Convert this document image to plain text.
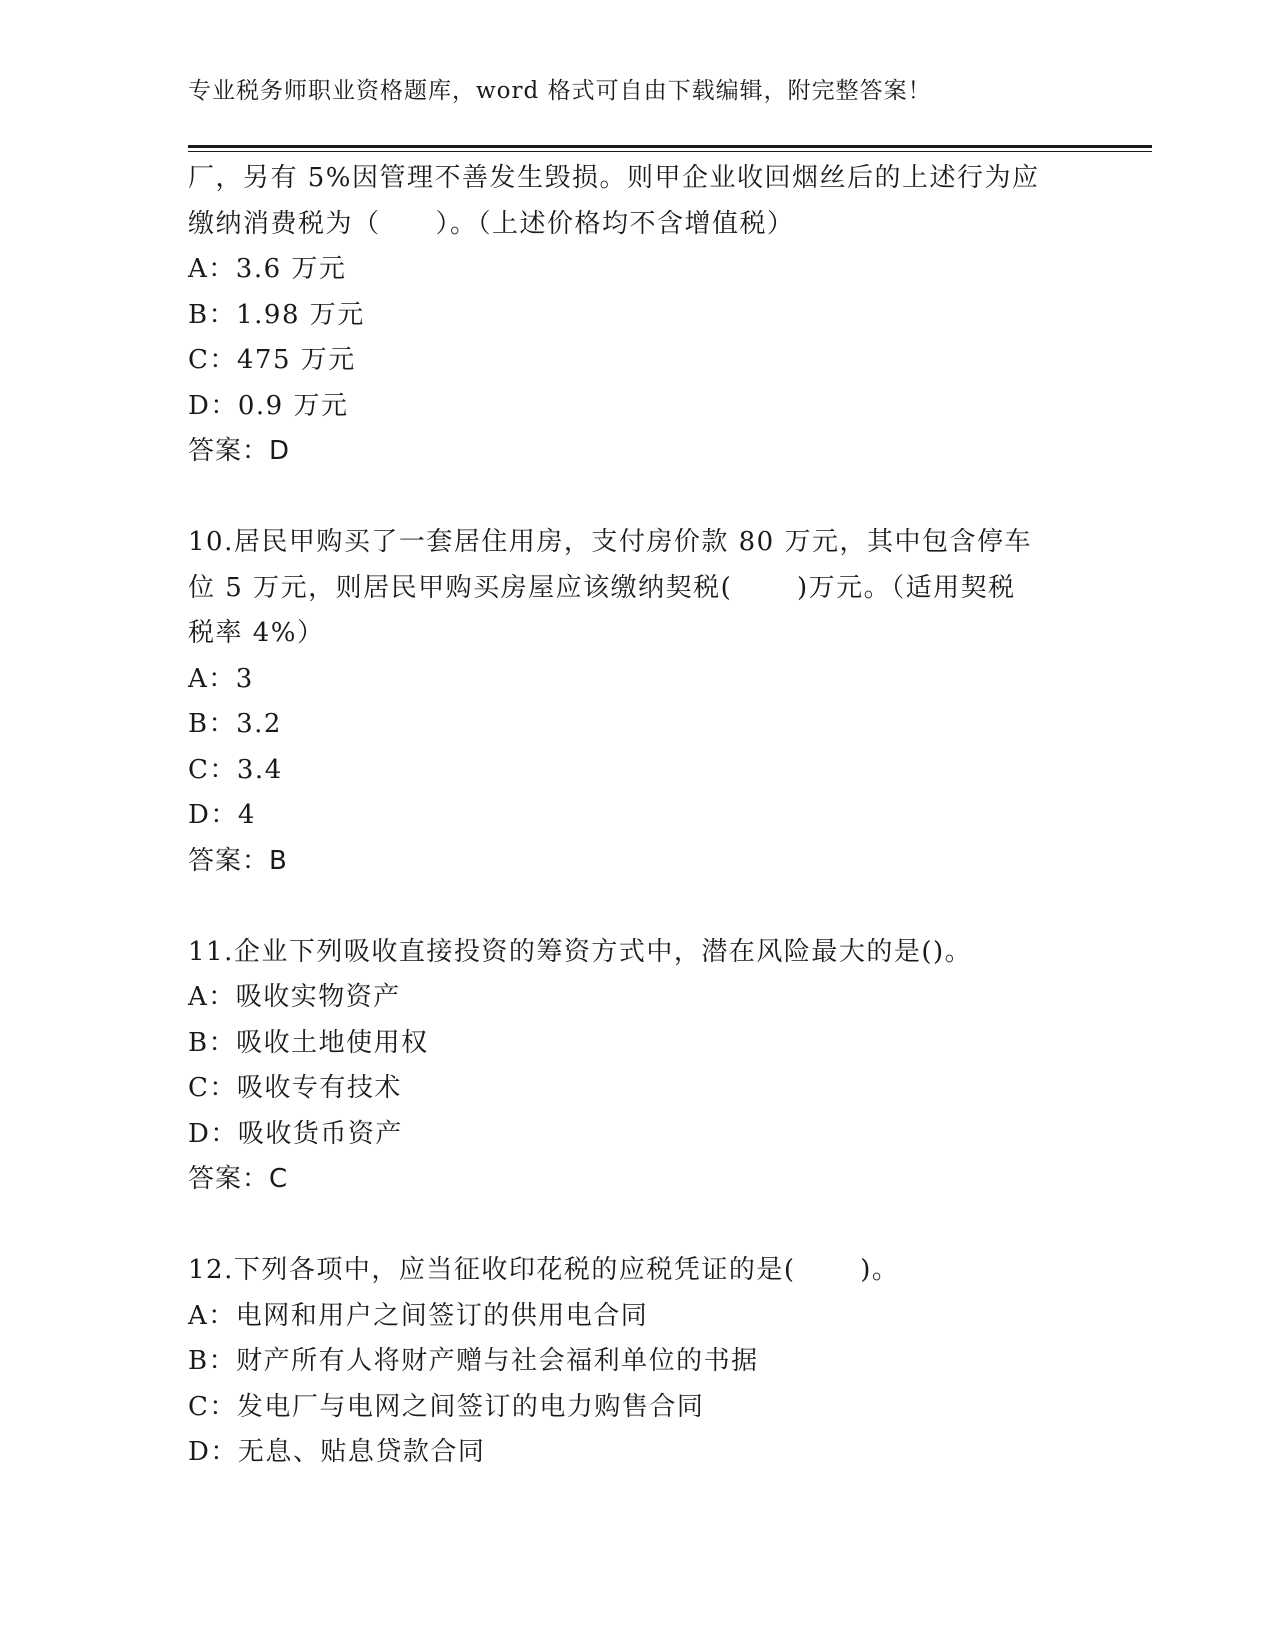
专业税务师职业资格题库，word 格式可自由下载编辑，附完整答案！
厂，另有 5%因管理不善发生毁损。则甲企业收回烟丝后的上述行为应
缴纳消费税为（　　）。（上述价格均不含增值税）
A：3.6 万元
B：1.98 万元
C：475 万元
D：0.9 万元
答案：D
10.居民甲购买了一套居住用房，支付房价款 80 万元，其中包含停车
位 5 万元，则居民甲购买房屋应该缴纳契税(　　 )万元。（适用契税
税率 4%）
A：3
B：3.2
C：3.4
D：4
答案：B
11.企业下列吸收直接投资的筹资方式中，潜在风险最大的是()。
A：吸收实物资产
B：吸收土地使用权
C：吸收专有技术
D：吸收货币资产
答案：C
12.下列各项中，应当征收印花税的应税凭证的是(　　 )。
A：电网和用户之间签订的供用电合同
B：财产所有人将财产赠与社会福利单位的书据
C：发电厂与电网之间签订的电力购售合同
D：无息、贴息贷款合同
